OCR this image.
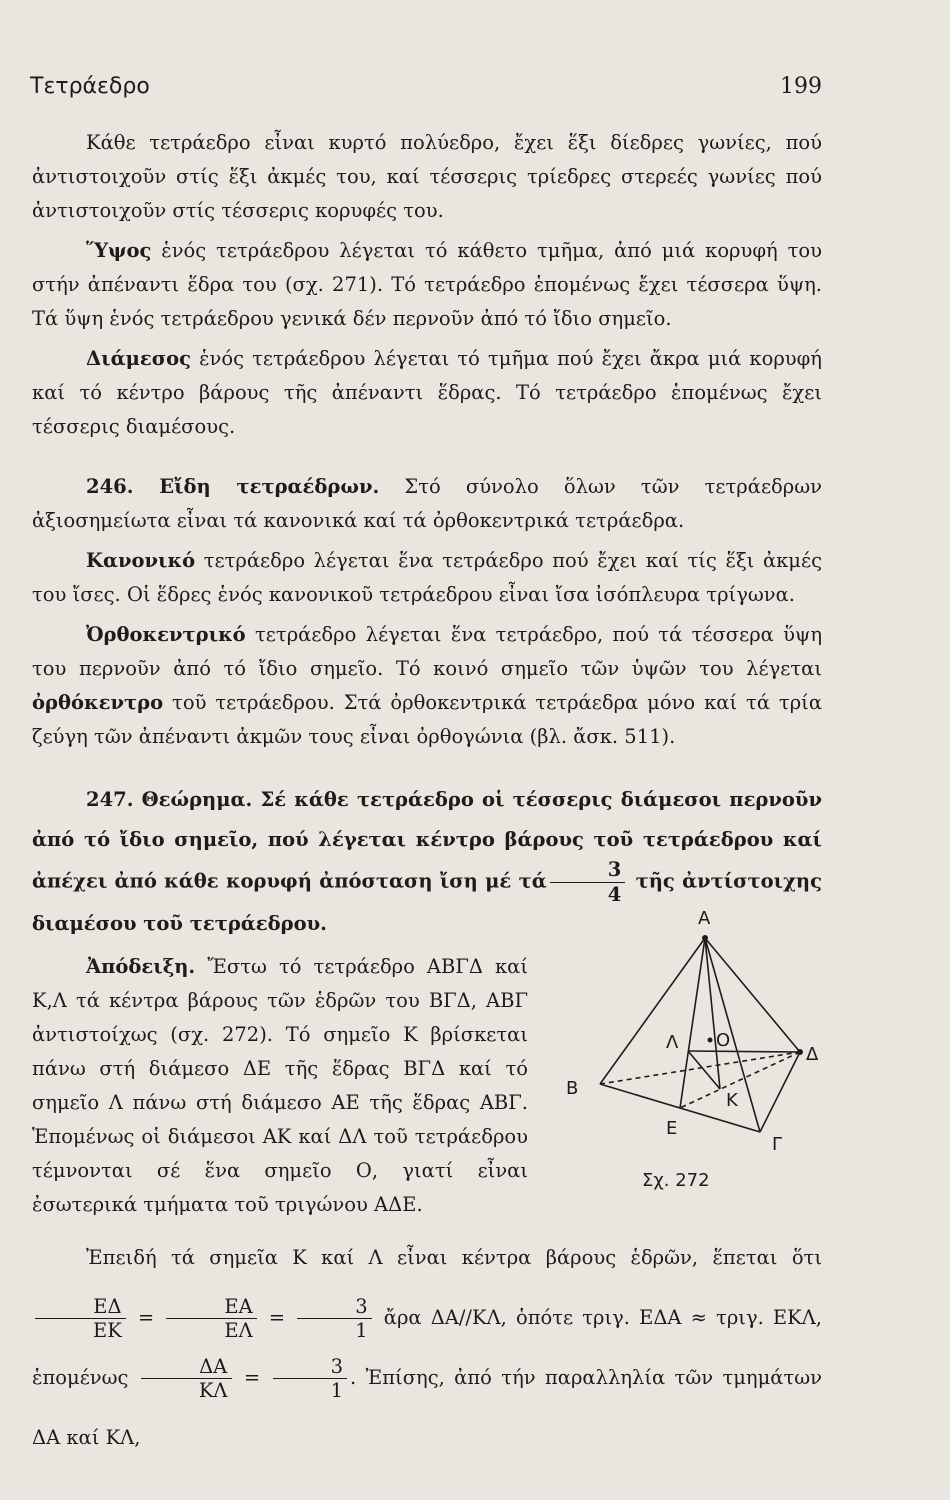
Τετράεδρο	199

Κάθε τετράεδρο εἶναι κυρτό πολύεδρο, ἔχει ἕξι δίεδρες γωνίες, πού ἀντιστοιχοῦν στίς ἕξι ἀκμές του, καί τέσσερις τρίεδρες στερεές γωνίες πού ἀντιστοιχοῦν στίς τέσσερις κορυφές του.

Ὕψος ἑνός τετράεδρου λέγεται τό κάθετο τμῆμα, ἀπό μιά κορυφή του στήν ἀπέναντι ἕδρα του (σχ. 271). Τό τετράεδρο ἑπομένως ἔχει τέσσερα ὕψη. Τά ὕψη ἑνός τετράεδρου γενικά δέν περνοῦν ἀπό τό ἴδιο σημεῖο.

Διάμεσος ἑνός τετράεδρου λέγεται τό τμῆμα πού ἔχει ἄκρα μιά κορυφή καί τό κέντρο βάρους τῆς ἀπέναντι ἕδρας. Τό τετράεδρο ἑπομένως ἔχει τέσσερις διαμέσους.

246. Εἴδη τετραέδρων. Στό σύνολο ὅλων τῶν τετράεδρων ἀξιοσημείωτα εἶναι τά κανονικά καί τά ὀρθοκεντρικά τετράεδρα.

Κανονικό τετράεδρο λέγεται ἕνα τετράεδρο πού ἔχει καί τίς ἕξι ἀκμές του ἴσες. Οἱ ἕδρες ἑνός κανονικοῦ τετράεδρου εἶναι ἴσα ἰσόπλευρα τρίγωνα.

Ὀρθοκεντρικό τετράεδρο λέγεται ἕνα τετράεδρο, πού τά τέσσερα ὕψη του περνοῦν ἀπό τό ἴδιο σημεῖο. Τό κοινό σημεῖο τῶν ὑψῶν του λέγεται ὀρθόκεντρο τοῦ τετράεδρου. Στά ὀρθοκεντρικά τετράεδρα μόνο καί τά τρία ζεύγη τῶν ἀπέναντι ἀκμῶν τους εἶναι ὀρθογώνια (βλ. ἄσκ. 511).

247. Θεώρημα. Σέ κάθε τετράεδρο οἱ τέσσερις διάμεσοι περνοῦν ἀπό τό ἴδιο σημεῖο, πού λέγεται κέντρο βάρους τοῦ τετράεδρου καί ἀπέχει ἀπό κάθε κορυφή ἀπόσταση ἴση μέ τά $\frac{3}{4}$ τῆς ἀντίστοιχης διαμέσου τοῦ τετράεδρου.

Ἀπόδειξη. Ἔστω τό τετράεδρο ΑΒΓΔ καί Κ,Λ τά κέντρα βάρους τῶν ἑδρῶν του ΒΓΔ, ΑΒΓ ἀντιστοίχως (σχ. 272). Τό σημεῖο Κ βρίσκεται πάνω στή διάμεσο ΔΕ τῆς ἕδρας ΒΓΔ καί τό σημεῖο Λ πάνω στή διάμεσο ΑΕ τῆς ἕδρας ΑΒΓ. Ἑπομένως οἱ διάμεσοι ΑΚ καί ΔΛ τοῦ τετράεδρου τέμνονται σέ ἕνα σημεῖο Ο, γιατί εἶναι ἐσωτερικά τμήματα τοῦ τριγώνου ΑΔΕ.

Ἐπειδή τά σημεῖα Κ καί Λ εἶναι κέντρα βάρους ἑδρῶν, ἕπεται ὅτι
$\frac{E\Delta}{EK} = \frac{EA}{E\Lambda} = \frac{3}{1}$ ἄρα ΔΑ//ΚΛ, ὁπότε τριγ. ΕΔΑ ≈ τριγ. ΕΚΛ, ἑπομένως $\frac{\Delta A}{K\Lambda} = \frac{3}{1}$ . Ἐπίσης, ἀπό τήν παραλληλία τῶν τμημάτων ΔΑ καί ΚΛ,

Α
Β
Γ
Δ
Ε
Κ
Λ O
Σχ. 272
